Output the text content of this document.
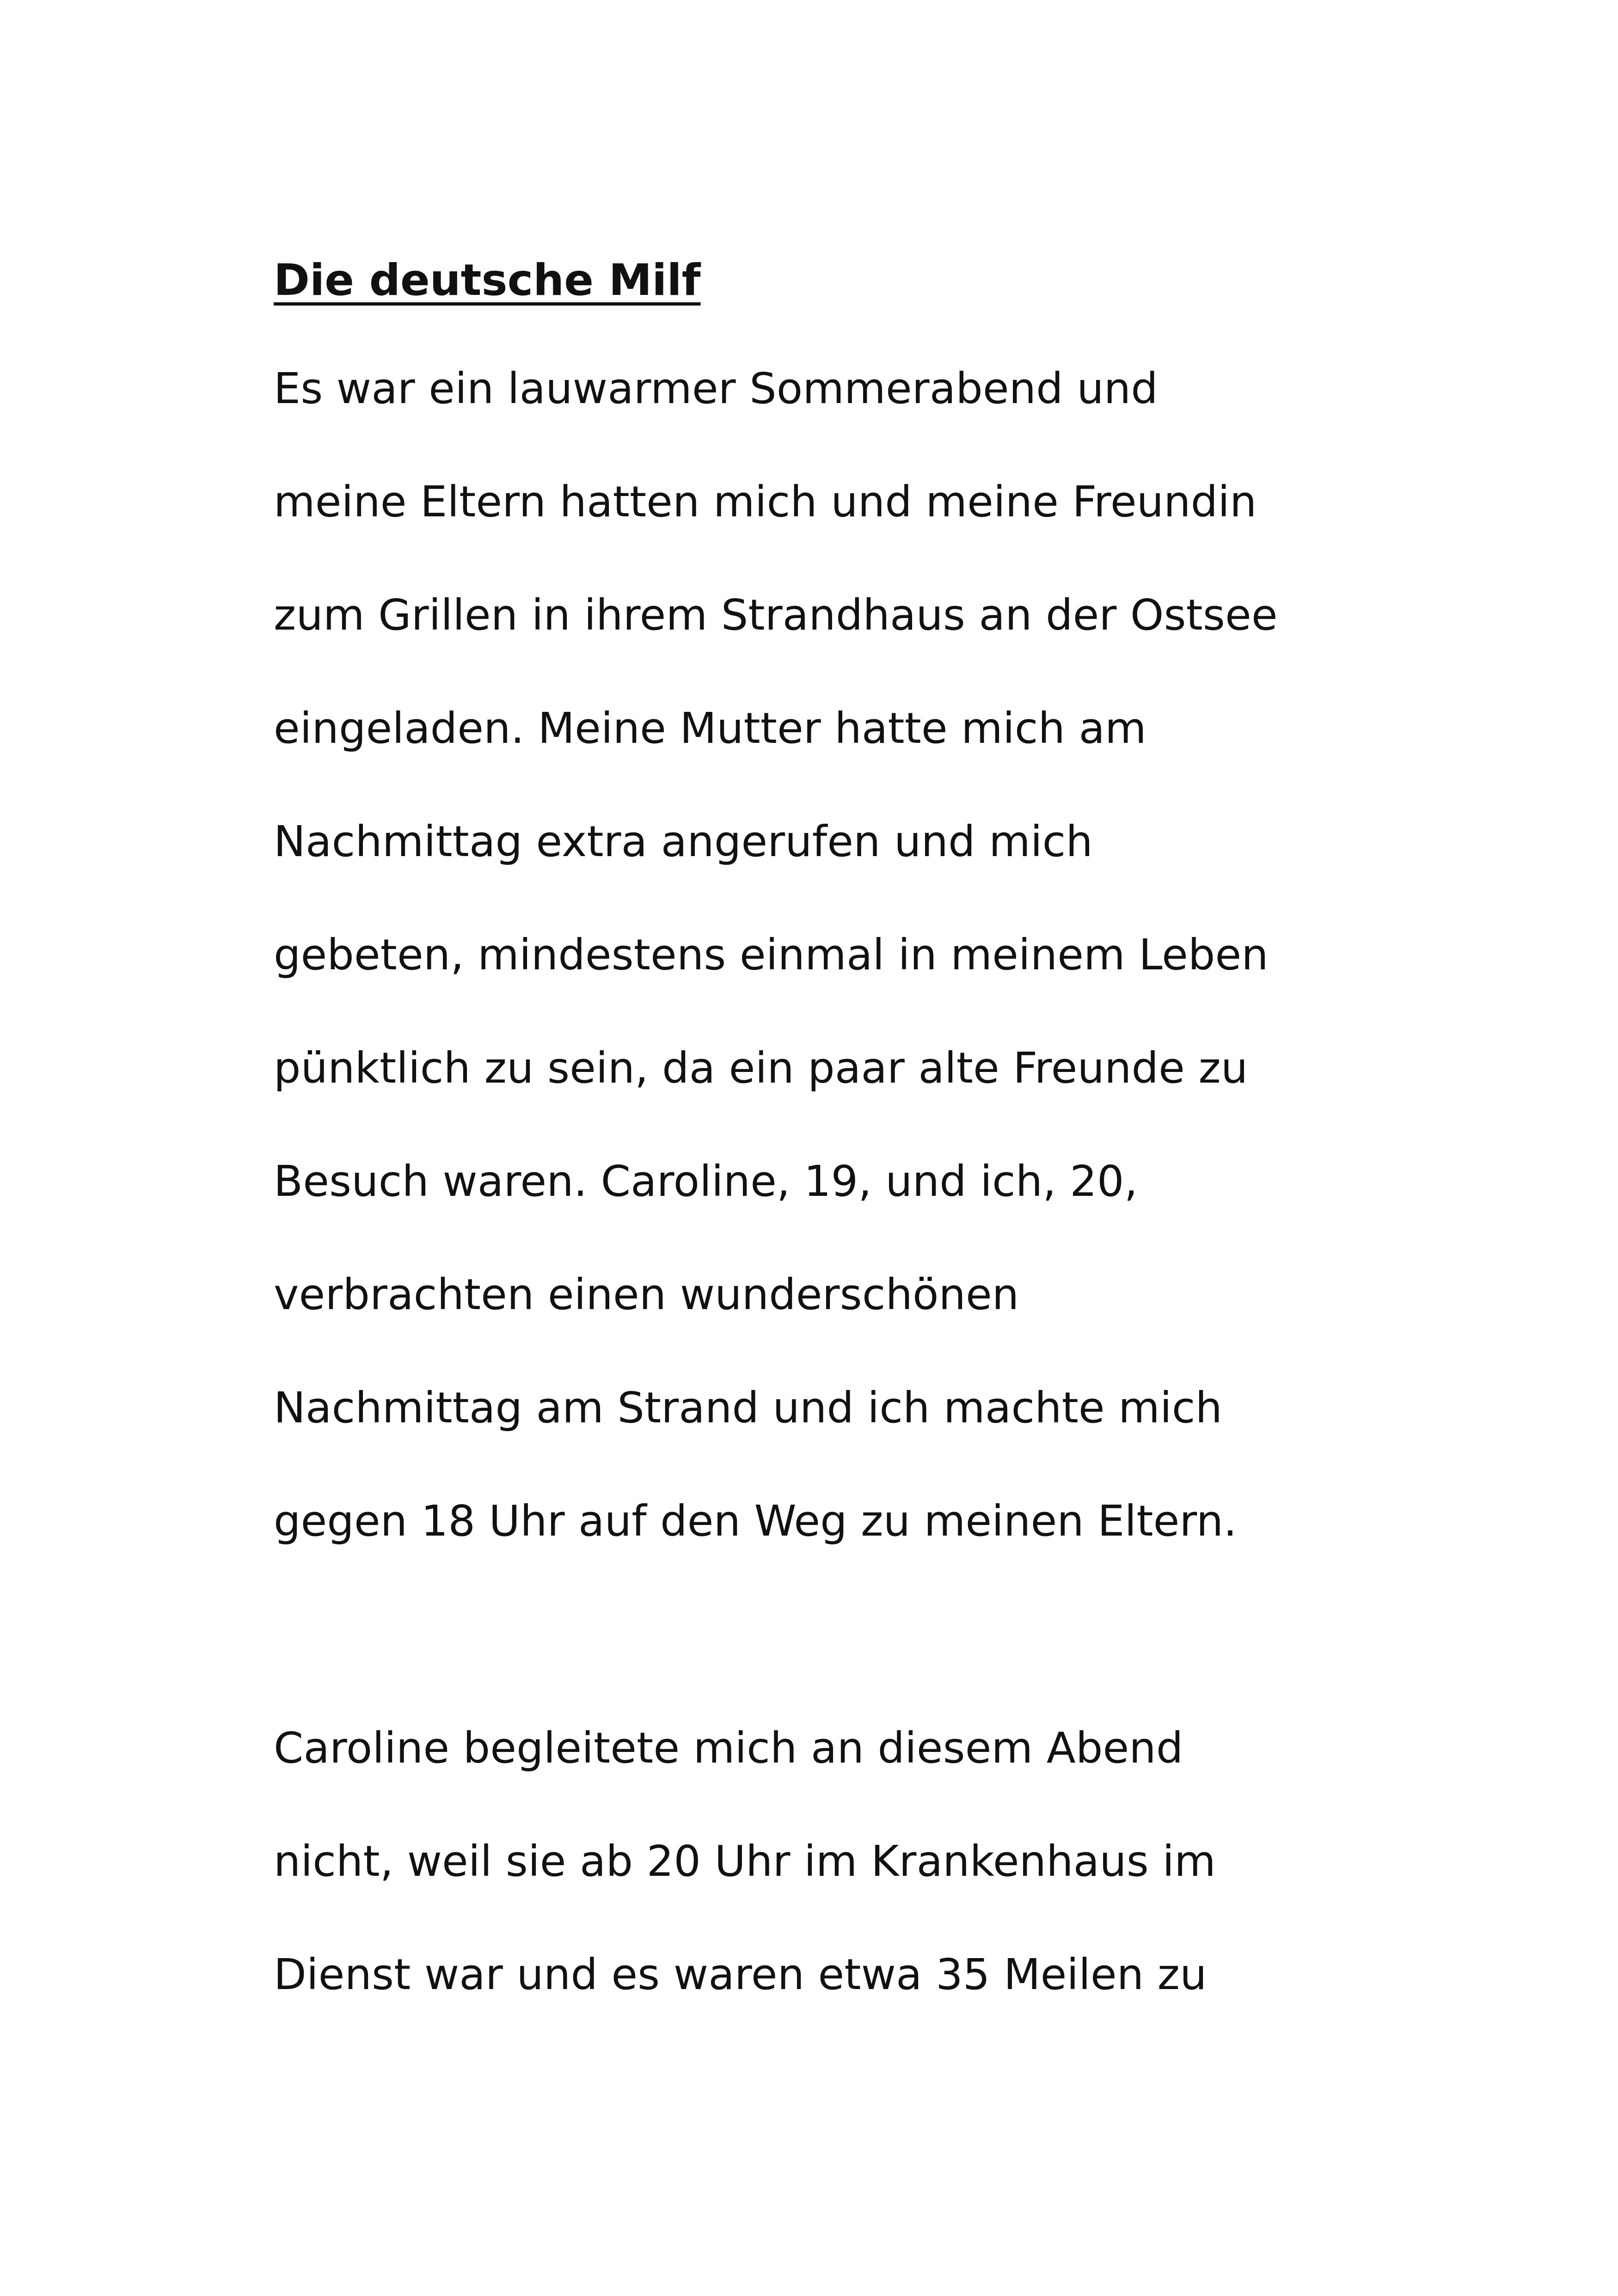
Die deutsche Milf

Es war ein lauwarmer Sommerabend und
meine Eltern hatten mich und meine Freundin
zum Grillen in ihrem Strandhaus an der Ostsee
eingeladen. Meine Mutter hatte mich am
Nachmittag extra angerufen und mich
gebeten, mindestens einmal in meinem Leben
pünktlich zu sein, da ein paar alte Freunde zu
Besuch waren. Caroline, 19, und ich, 20,
verbrachten einen wunderschönen
Nachmittag am Strand und ich machte mich
gegen 18 Uhr auf den Weg zu meinen Eltern.

Caroline begleitete mich an diesem Abend
nicht, weil sie ab 20 Uhr im Krankenhaus im
Dienst war und es waren etwa 35 Meilen zu
